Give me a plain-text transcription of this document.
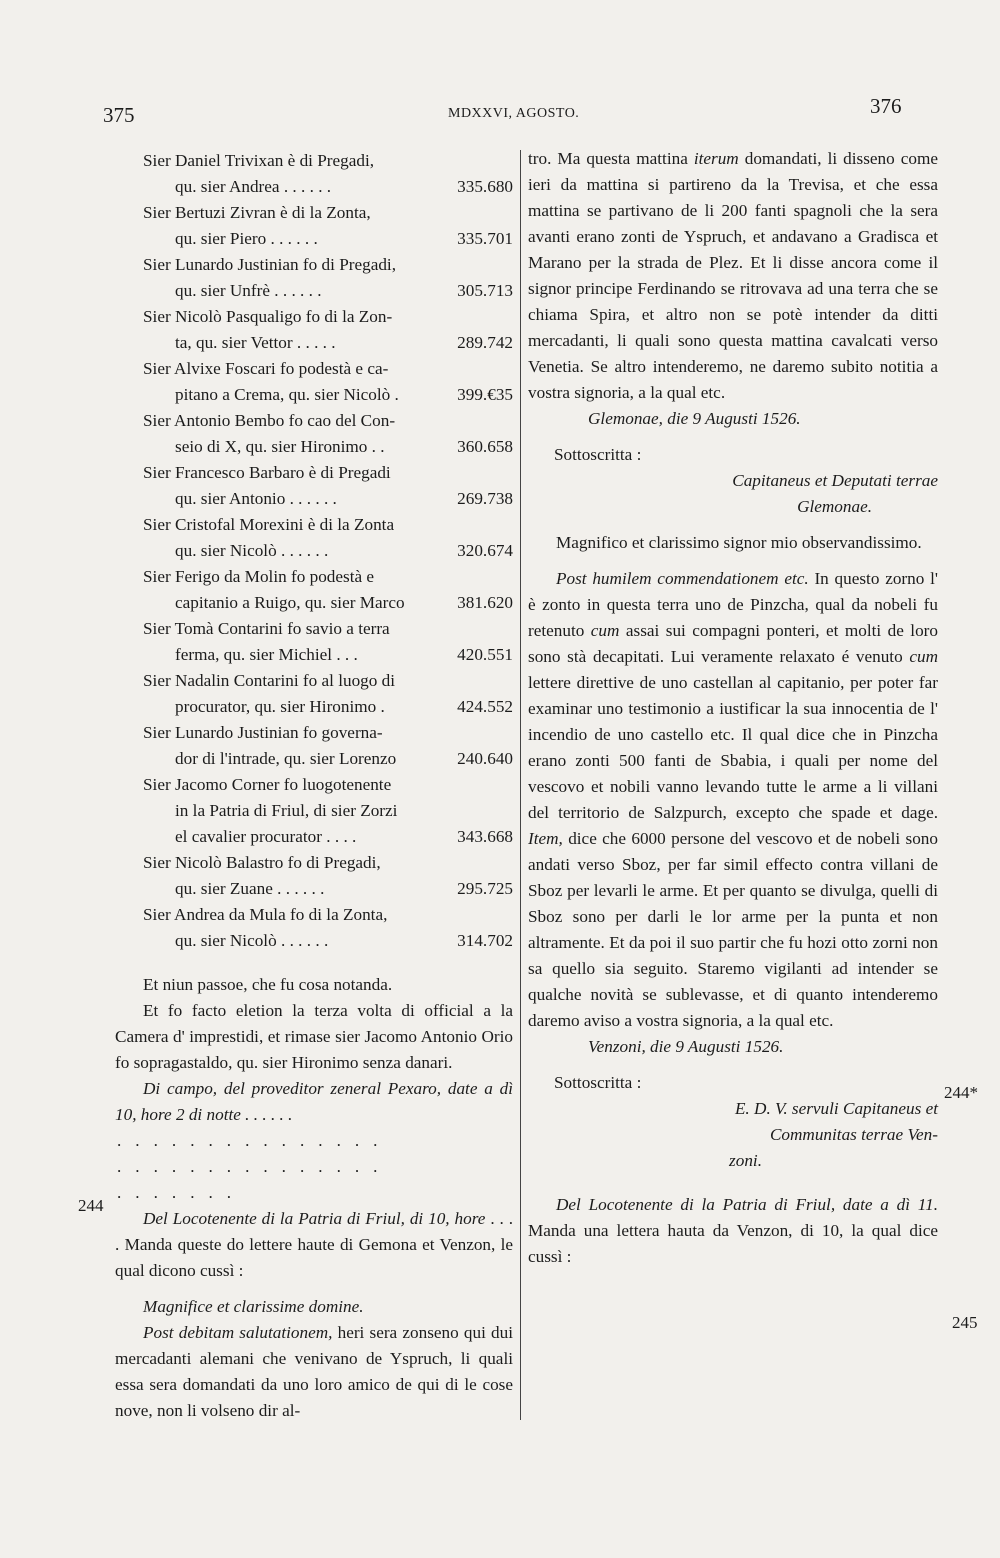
375	MDXXVI, AGOSTO.	376
244
244*
245
Sier Daniel Trivixan è di Pregadi,
qu. sier Andrea . . . . . .	335.680
Sier Bertuzi Zivran è di la Zonta,
qu. sier Piero . . . . . .	335.701
Sier Lunardo Justinian fo di Pregadi,
qu. sier Unfrè . . . . . .	305.713
Sier Nicolò Pasqualigo fo di la Zon-
ta, qu. sier Vettor . . . . .	289.742
Sier Alvixe Foscari fo podestà e ca-
pitano a Crema, qu. sier Nicolò .	399.€35
Sier Antonio Bembo fo cao del Con-
seio di X, qu. sier Hironimo . .	360.658
Sier Francesco Barbaro è di Pregadi
qu. sier Antonio . . . . . .	269.738
Sier Cristofal Morexini è di la Zonta
qu. sier Nicolò . . . . . .	320.674
Sier Ferigo da Molin fo podestà e
capitanio a Ruigo, qu. sier Marco	381.620
Sier Tomà Contarini fo savio a terra
ferma, qu. sier Michiel . . .	420.551
Sier Nadalin Contarini fo al luogo di
procurator, qu. sier Hironimo .	424.552
Sier Lunardo Justinian fo governa-
dor di l'intrade, qu. sier Lorenzo	240.640
Sier Jacomo Corner fo luogotenente
in la Patria di Friul, di sier Zorzi
el cavalier procurator . . . .	343.668
Sier Nicolò Balastro fo di Pregadi,
qu. sier Zuane . . . . . .	295.725
Sier Andrea da Mula fo di la Zonta,
qu. sier Nicolò . . . . . .	314.702

Et niun passoe, che fu cosa notanda.

Et fo facto eletion la terza volta di official a la Camera d' imprestidi, et rimase sier Jacomo Antonio Orio fo sopragastaldo, qu. sier Hironimo senza danari.

Di campo, del proveditor zeneral Pexaro, date a dì 10, hore 2 di notte . . . . . .

...............
...............
.......

Del Locotenente di la Patria di Friul, di 10, hore . . . . Manda queste do lettere haute di Gemona et Venzon, le qual dicono cussì :

Magnifice et clarissime domine.

Post debitam salutationem, heri sera zonseno qui dui mercadanti alemani che venivano de Yspruch, li quali essa sera domandati da uno loro amico de qui di le cose nove, non li volseno dir al-

tro. Ma questa mattina iterum domandati, li disseno come ieri da mattina si partireno da la Trevisa, et che essa mattina se partivano de li 200 fanti spagnoli che la sera avanti erano zonti de Yspruch, et andavano a Gradisca et Marano per la strada de Plez. Et li disse ancora come il signor principe Ferdinando se ritrovava ad una terra che se chiama Spira, et altro non se potè intender da ditti mercadanti, li quali sono questa mattina cavalcati verso Venetia. Se altro intenderemo, ne daremo subito notitia a vostra signoria, a la qual etc.

Glemonae, die 9 Augusti 1526.

Sottoscritta :
Capitaneus et Deputati terrae
Glemonae.

Magnifico et clarissimo signor mio observandissimo.

Post humilem commendationem etc. In questo zorno l' è zonto in questa terra uno de Pinzcha, qual da nobeli fu retenuto cum assai sui compagni ponteri, et molti de loro sono stà decapitati. Lui veramente relaxato é venuto cum lettere direttive de uno castellan al capitanio, per poter far examinar uno testimonio a iustificar la sua innocentia de l' incendio de uno castello etc. Il qual dice che in Pinzcha erano zonti 500 fanti de Sbabia, i quali per nome del vescovo et nobili vanno levando tutte le arme a li villani del territorio de Salzpurch, excepto che spade et dage. Item, dice che 6000 persone del vescovo et de nobeli sono andati verso Sboz, per far simil effecto contra villani de Sboz per levarli le arme. Et per quanto se divulga, quelli di Sboz sono per darli le lor arme per la punta et non altramente. Et da poi il suo partir che fu hozi otto zorni non sa quello sia seguito. Staremo vigilanti ad intender se qualche novità se sublevasse, et di quanto intenderemo daremo aviso a vostra signoria, a la qual etc.

Venzoni, die 9 Augusti 1526.

Sottoscritta :
E. D. V. servuli Capitaneus et
Communitas terrae Ven-
zoni.

Del Locotenente di la Patria di Friul, date a dì 11. Manda una lettera hauta da Venzon, di 10, la qual dice cussì :
